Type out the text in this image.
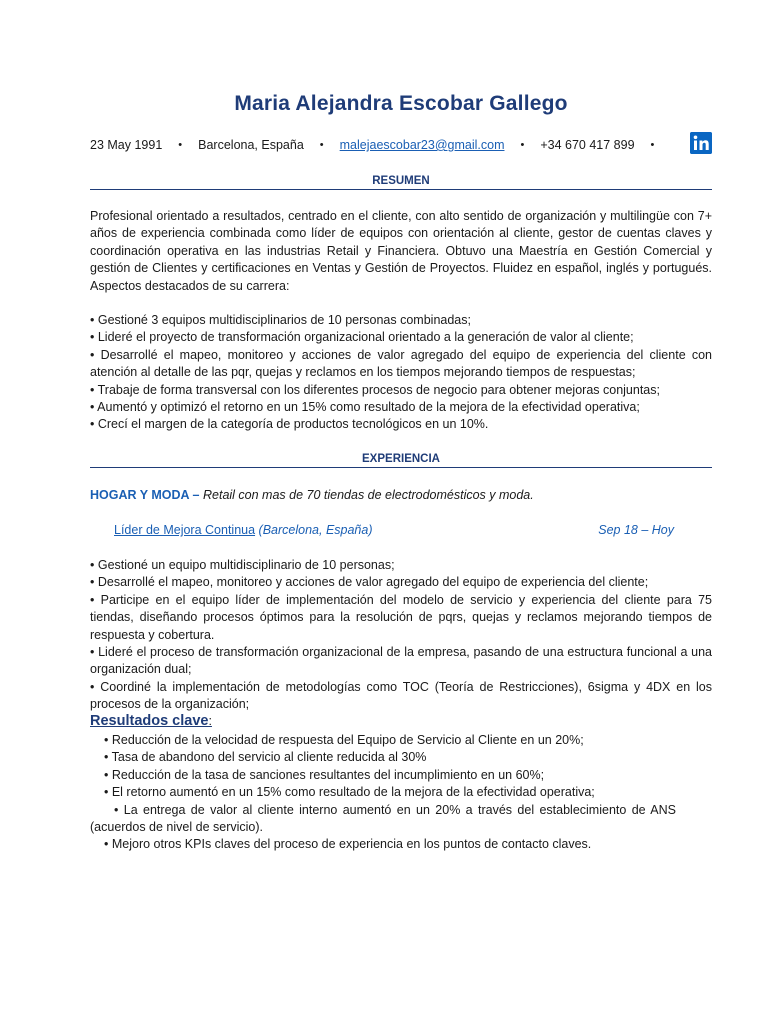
Maria Alejandra Escobar Gallego
23 May 1991 • Barcelona, España • malejaescobar23@gmail.com • +34 670 417 899 •
RESUMEN

Profesional orientado a resultados, centrado en el cliente, con alto sentido de organización y multilingüe con 7+ años de experiencia combinada como líder de equipos con orientación al cliente, gestor de cuentas claves y coordinación operativa en las industrias Retail y Financiera. Obtuvo una Maestría en Gestión Comercial y gestión de Clientes y certificaciones en Ventas y Gestión de Proyectos. Fluidez en español, inglés y portugués. Aspectos destacados de su carrera:

• Gestioné 3 equipos multidisciplinarios de 10 personas combinadas;
• Lideré el proyecto de transformación organizacional orientado a la generación de valor al cliente;
• Desarrollé el mapeo, monitoreo y acciones de valor agregado del equipo de experiencia del cliente con atención al detalle de las pqr, quejas y reclamos en los tiempos mejorando tiempos de respuestas;
• Trabaje de forma transversal con los diferentes procesos de negocio para obtener mejoras conjuntas;
• Aumentó y optimizó el retorno en un 15% como resultado de la mejora de la efectividad operativa;
• Crecí el margen de la categoría de productos tecnológicos en un 10%.
EXPERIENCIA
HOGAR Y MODA – Retail con mas de 70 tiendas de electrodomésticos y moda.
Líder de Mejora Continua (Barcelona, España)	Sep 18 – Hoy
• Gestioné un equipo multidisciplinario de 10 personas;
• Desarrollé el mapeo, monitoreo y acciones de valor agregado del equipo de experiencia del cliente;
• Participe en el equipo líder de implementación del modelo de servicio y experiencia del cliente para 75 tiendas, diseñando procesos óptimos para la resolución de pqrs, quejas y reclamos mejorando tiempos de respuesta y cobertura.
• Lideré el proceso de transformación organizacional de la empresa, pasando de una estructura funcional a una organización dual;
• Coordiné la implementación de metodologías como TOC (Teoría de Restricciones), 6sigma y 4DX en los procesos de la organización;
Resultados clave:
• Reducción de la velocidad de respuesta del Equipo de Servicio al Cliente en un 20%;
• Tasa de abandono del servicio al cliente reducida al 30%
• Reducción de la tasa de sanciones resultantes del incumplimiento en un 60%;
• El retorno aumentó en un 15% como resultado de la mejora de la efectividad operativa;
• La entrega de valor al cliente interno aumentó en un 20% a través del establecimiento de ANS (acuerdos de nivel de servicio).
• Mejoro otros KPIs claves del proceso de experiencia en los puntos de contacto claves.
